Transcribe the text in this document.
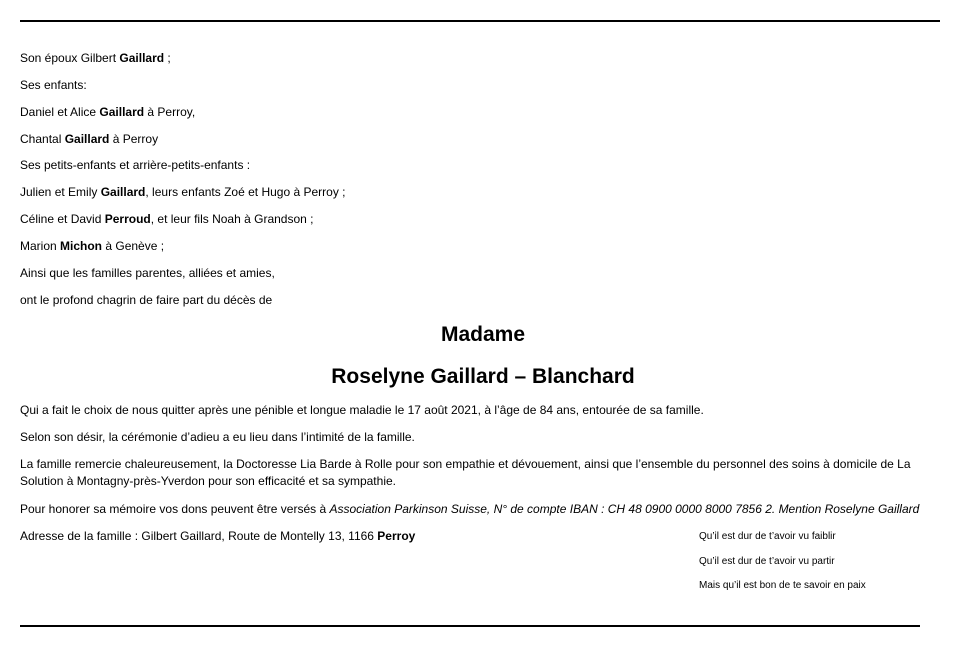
Son époux Gilbert Gaillard ;
Ses enfants:
Daniel et Alice Gaillard à Perroy,
Chantal Gaillard à Perroy
Ses petits-enfants et arrière-petits-enfants :
Julien et Emily Gaillard, leurs enfants Zoé et Hugo à Perroy ;
Céline et David Perroud, et leur fils Noah à Grandson ;
Marion Michon à Genève ;
Ainsi que les familles parentes, alliées et amies,
ont le profond chagrin de faire part du décès de
Madame
Roselyne Gaillard – Blanchard
Qui a fait le choix de nous quitter après une pénible et longue maladie le 17 août 2021, à l’âge de 84 ans, entourée de sa famille.
Selon son désir, la cérémonie d’adieu a eu lieu dans l’intimité de la famille.
La famille remercie chaleureusement, la Doctoresse Lia Barde à Rolle pour son empathie et dévouement, ainsi que l’ensemble du personnel des soins à domicile de La Solution à Montagny-près-Yverdon pour son efficacité et sa sympathie.
Pour honorer sa mémoire vos dons peuvent être versés à Association Parkinson Suisse, N° de compte IBAN : CH 48 0900 0000 8000 7856 2. Mention Roselyne Gaillard
Adresse de la famille : Gilbert Gaillard, Route de Montelly 13, 1166 Perroy	Qu’il est dur de t’avoir vu faiblir
Qu’il est dur de t’avoir vu partir
Mais qu’il est bon de te savoir en paix
